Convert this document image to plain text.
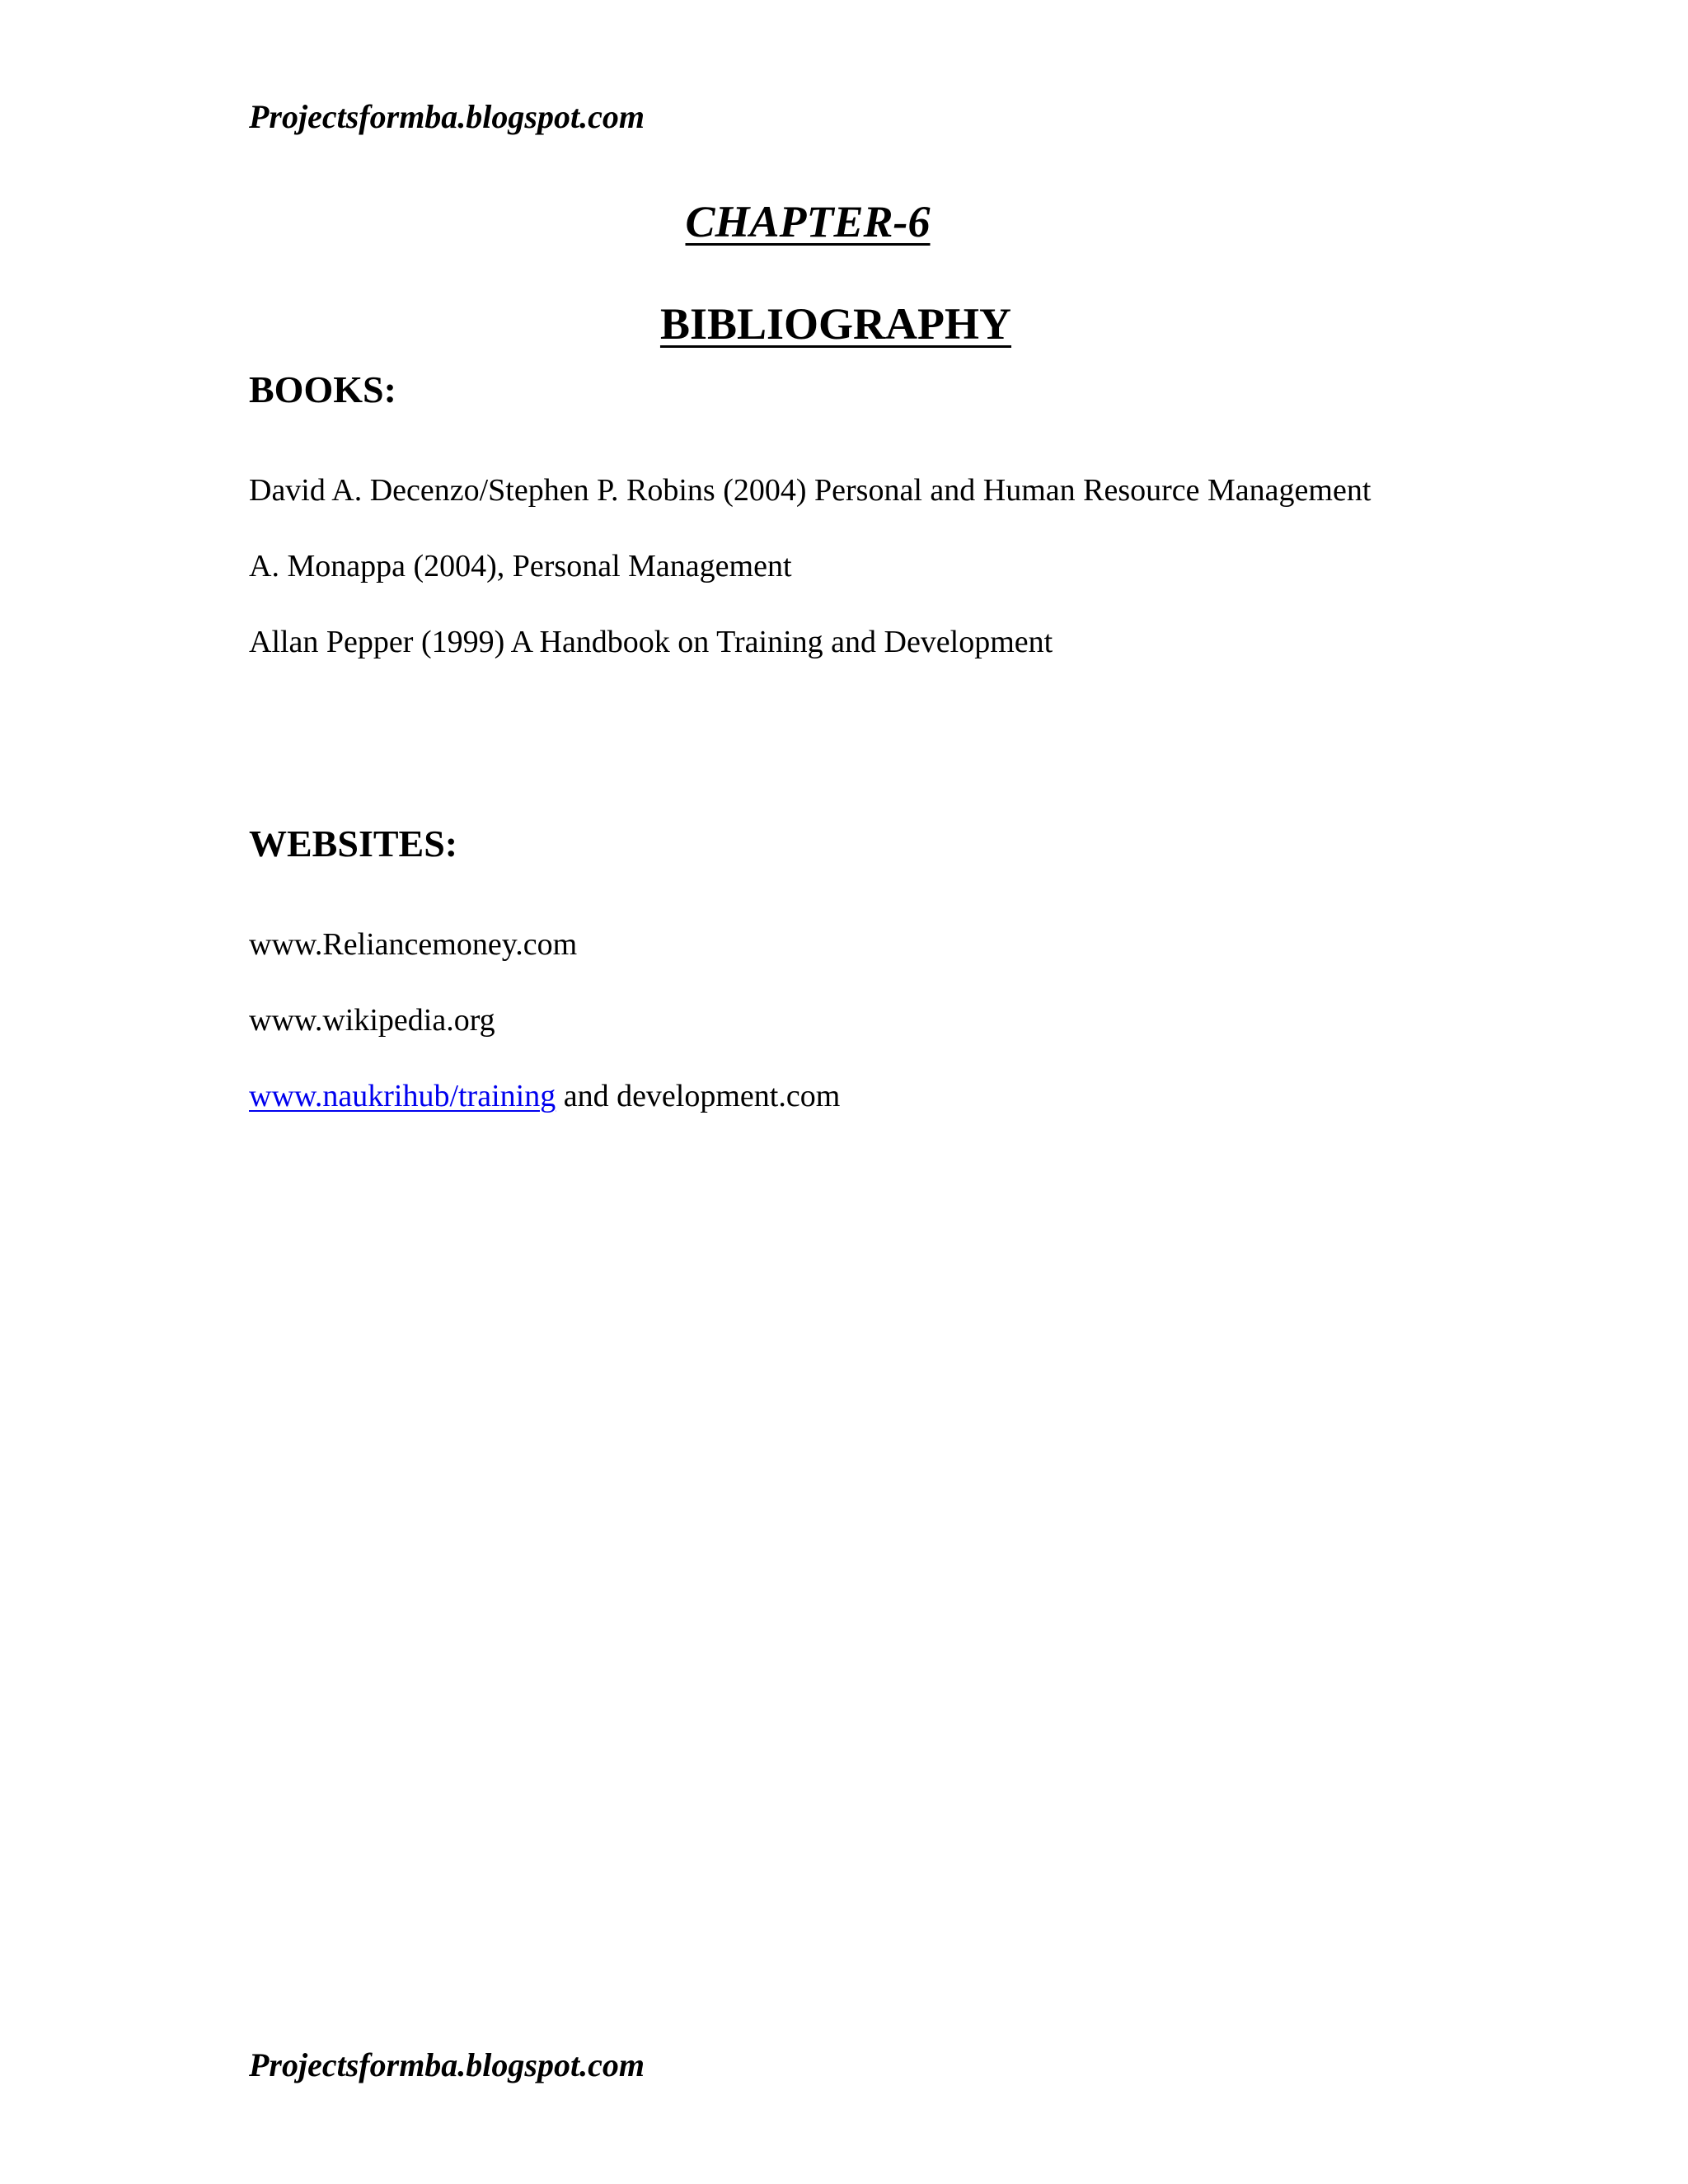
Projectsformba.blogspot.com
CHAPTER-6
BIBLIOGRAPHY
BOOKS:
David A. Decenzo/Stephen P. Robins (2004) Personal and Human Resource Management
A. Monappa (2004), Personal Management
Allan Pepper (1999) A Handbook on Training and Development
WEBSITES:
www.Reliancemoney.com
www.wikipedia.org
www.naukrihub/training and development.com
Projectsformba.blogspot.com
